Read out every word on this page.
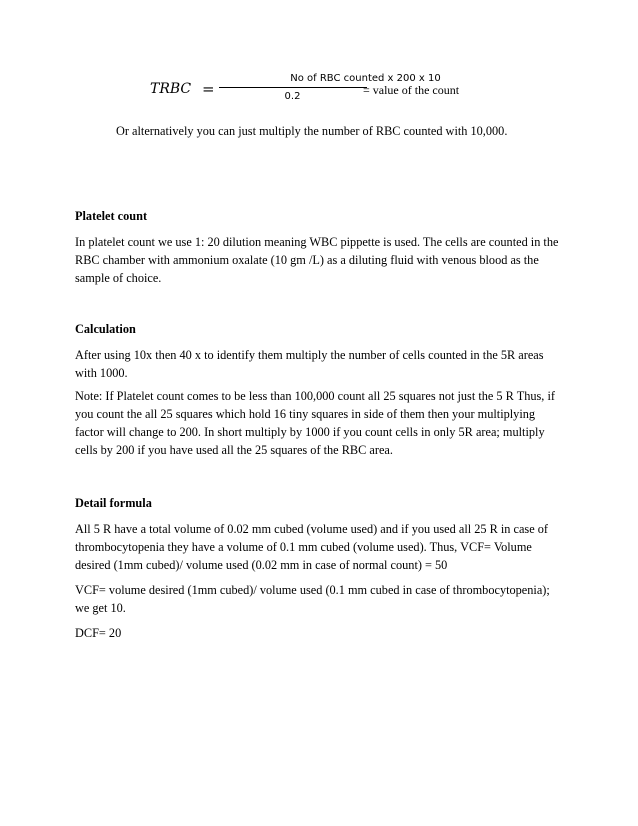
TRBC =
No of RBC counted x 200 x 10
0.2	= value of the count
Or alternatively you can just multiply the number of RBC counted with 10,000.
Platelet count
In platelet count we use 1: 20 dilution meaning WBC pippette is used. The cells are counted in the RBC chamber with ammonium oxalate (10 gm /L) as a diluting fluid with venous blood as the sample of choice.
Calculation
After using 10x then 40 x to identify them multiply the number of cells counted in the 5R areas with 1000.
Note: If Platelet count comes to be less than 100,000 count all 25 squares not just the 5 R Thus, if you count the all 25 squares which hold 16 tiny squares in side of them then your multiplying factor will change to 200. In short multiply by 1000 if you count cells in only 5R area; multiply cells by 200 if you have used all the 25 squares of the RBC area.
Detail formula
All 5 R have a total volume of 0.02 mm cubed (volume used) and if you used all 25 R in case of thrombocytopenia they have a volume of 0.1 mm cubed (volume used). Thus, VCF= Volume desired (1mm cubed)/ volume used (0.02 mm in case of normal count) = 50
VCF= volume desired (1mm cubed)/ volume used (0.1 mm cubed in case of thrombocytopenia); we get 10.
DCF= 20
